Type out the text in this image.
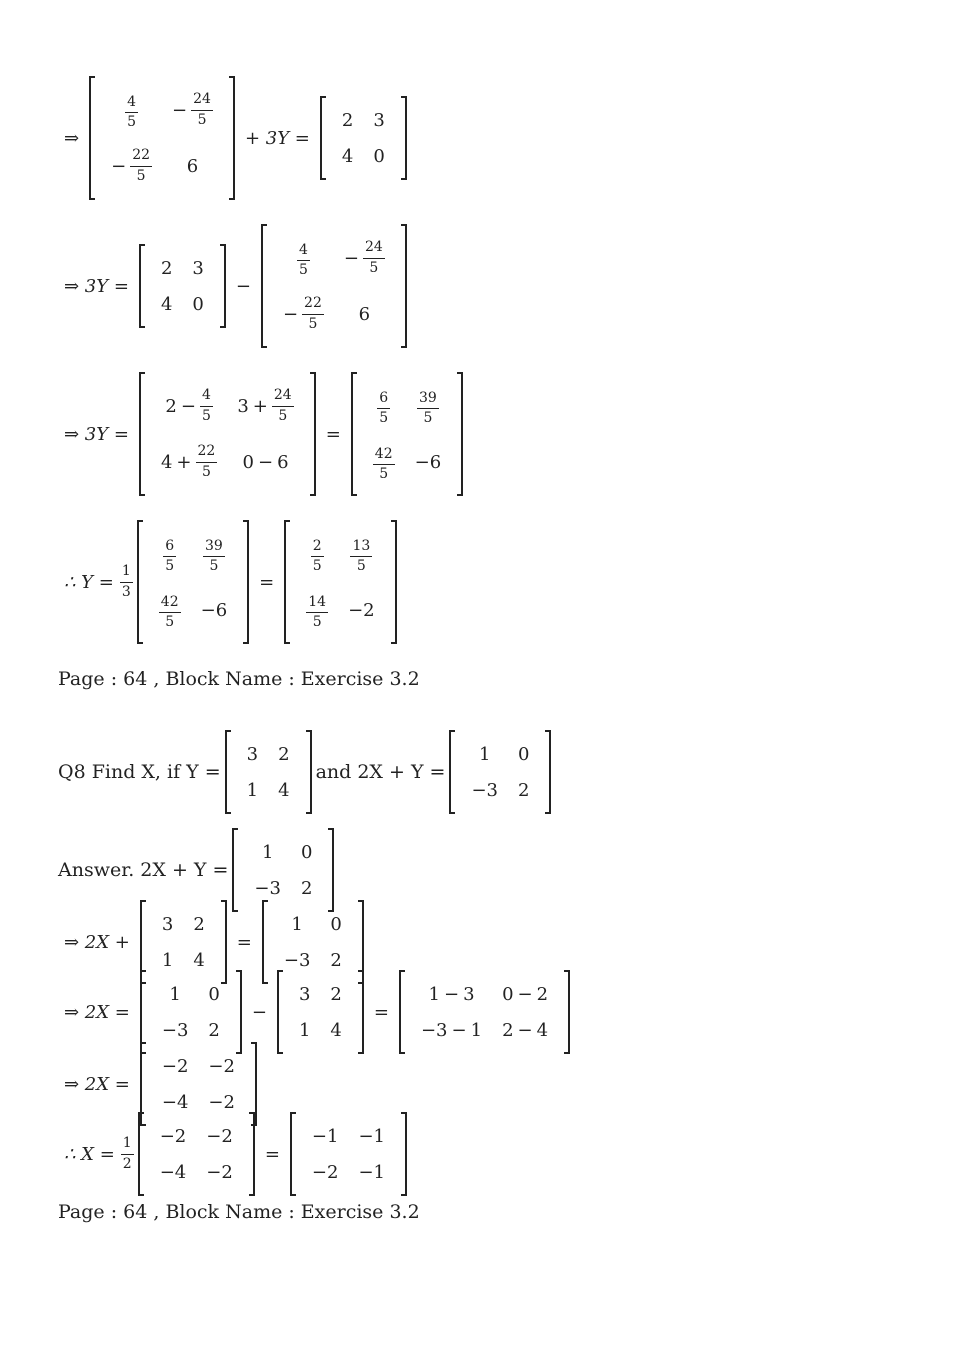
⇒
$\frac{4}{5}$	− $\frac{24}{5}$

− $\frac{22}{5}$	6
+ 3Y =
2	3

4	0
⇒ 3Y =
2	3

4	0
−
$\frac{4}{5}$	− $\frac{24}{5}$

− $\frac{22}{5}$	6
⇒ 3Y =
$2 - \frac{4}{5}$	$3 + \frac{24}{5}$

$4 + \frac{22}{5}$	0 − 6
=
$\frac{6}{5}$	$\frac{39}{5}$

$\frac{42}{5}$	−6
∴ $Y = \frac{1}{3}$
$\frac{6}{5}$	$\frac{39}{5}$

$\frac{42}{5}$	−6
=
$\frac{2}{5}$	$\frac{13}{5}$

$\frac{14}{5}$	−2
Page : 64 , Block Name : Exercise 3.2
Q8 Find X, if Y =
3	2

1	4
and 2X + Y =
1	0

−3	2
Answer. 2X + Y =
1	0

−3	2
⇒ 2X +
3	2

1	4
=
1	0

−3	2
⇒ 2X =
1	0

−3	2
−
3	2

1	4
=
1 − 3	0 − 2

−3 − 1	2 − 4
⇒ 2X =
−2	−2

−4	−2
∴ $X = \frac{1}{2}$
−2	−2

−4	−2
=
−1	−1

−2	−1
Page : 64 , Block Name : Exercise 3.2
